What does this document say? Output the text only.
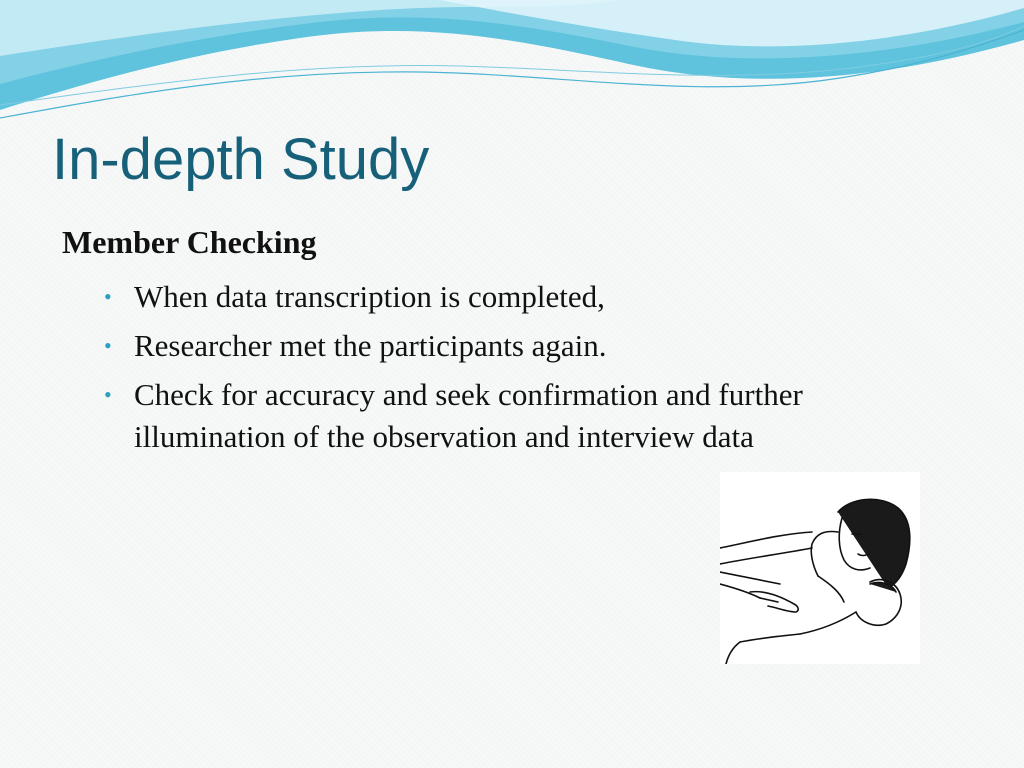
In-depth Study
Member Checking
• When data transcription is completed,
• Researcher met the participants again.
• Check for accuracy and seek confirmation and further illumination of the observation and interview data
